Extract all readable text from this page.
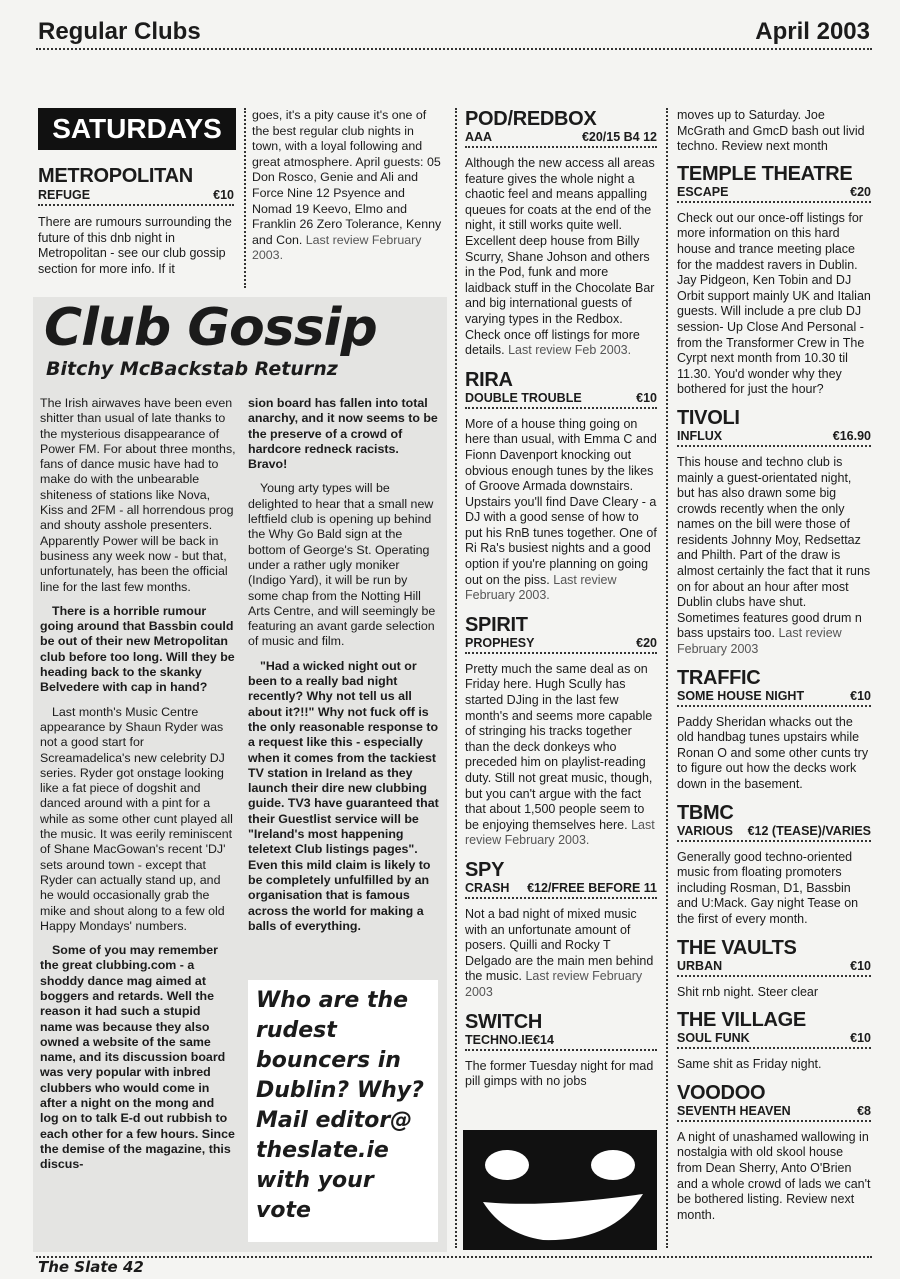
Regular Clubs	April 2003
SATURDAYS
METROPOLITAN
REFUGE	€10
There are rumours surrounding the future of this dnb night in Metropolitan - see our club gossip section for more info. If it
goes, it's a pity cause it's one of the best regular club nights in town, with a loyal following and great atmosphere. April guests: 05 Don Rosco, Genie and Ali and Force Nine 12 Psyence and Nomad 19 Keevo, Elmo and Franklin 26 Zero Tolerance, Kenny and Con. Last review February 2003.
Club Gossip
Bitchy McBackstab Returnz

The Irish airwaves have been even shitter than usual of late thanks to the mysterious disappearance of Power FM. For about three months, fans of dance music have had to make do with the unbearable shiteness of stations like Nova, Kiss and 2FM - all horrendous prog and shouty asshole presenters. Apparently Power will be back in business any week now - but that, unfortunately, has been the official line for the last few months.

There is a horrible rumour going around that Bassbin could be out of their new Metropolitan club before too long. Will they be heading back to the skanky Belvedere with cap in hand?

Last month's Music Centre appearance by Shaun Ryder was not a good start for Screamadelica's new celebrity DJ series. Ryder got onstage looking like a fat piece of dogshit and danced around with a pint for a while as some other cunt played all the music. It was eerily reminiscent of Shane MacGowan's recent 'DJ' sets around town - except that Ryder can actually stand up, and he would occasionally grab the mike and shout along to a few old Happy Mondays' numbers.

Some of you may remember the great clubbing.com - a shoddy dance mag aimed at boggers and retards. Well the reason it had such a stupid name was because they also owned a website of the same name, and its discussion board was very popular with inbred clubbers who would come in after a night on the mong and log on to talk E-d out rubbish to each other for a few hours. Since the demise of the magazine, this discus-

sion board has fallen into total anarchy, and it now seems to be the preserve of a crowd of hardcore redneck racists. Bravo!

Young arty types will be delighted to hear that a small new leftfield club is opening up behind the Why Go Bald sign at the bottom of George's St. Operating under a rather ugly moniker (Indigo Yard), it will be run by some chap from the Notting Hill Arts Centre, and will seemingly be featuring an avant garde selection of music and film.

"Had a wicked night out or been to a really bad night recently? Why not tell us all about it?!!" Why not fuck off is the only reasonable response to a request like this - especially when it comes from the tackiest TV station in Ireland as they launch their dire new clubbing guide. TV3 have guaranteed that their Guestlist service will be "Ireland's most happening teletext Club listings pages". Even this mild claim is likely to be completely unfulfilled by an organisation that is famous across the world for making a balls of everything.

Who are the rudest bouncers in Dublin? Why? Mail editor@ theslate.ie with your vote
POD/REDBOX
AAA	€20/15 B4 12
Although the new access all areas feature gives the whole night a chaotic feel and means appalling queues for coats at the end of the night, it still works quite well. Excellent deep house from Billy Scurry, Shane Johson and others in the Pod, funk and more laidback stuff in the Chocolate Bar and big international guests of varying types in the Redbox. Check once off listings for more details. Last review Feb 2003.
RIRA
DOUBLE TROUBLE	€10
More of a house thing going on here than usual, with Emma C and Fionn Davenport knocking out obvious enough tunes by the likes of Groove Armada downstairs. Upstairs you'll find Dave Cleary - a DJ with a good sense of how to put his RnB tunes together. One of Ri Ra's busiest nights and a good option if you're planning on going out on the piss. Last review February 2003.
SPIRIT
PROPHESY	€20
Pretty much the same deal as on Friday here. Hugh Scully has started DJing in the last few month's and seems more capable of stringing his tracks together than the deck donkeys who preceded him on playlist-reading duty. Still not great music, though, but you can't argue with the fact that about 1,500 people seem to be enjoying themselves here. Last review February 2003.
SPY
CRASH €12/FREE BEFORE 11
Not a bad night of mixed music with an unfortunate amount of posers. Quilli and Rocky T Delgado are the main men behind the music. Last review February 2003
SWITCH
TECHNO.IE €14
The former Tuesday night for mad pill gimps with no jobs
moves up to Saturday. Joe McGrath and GmcD bash out livid techno. Review next month
TEMPLE THEATRE
ESCAPE	€20
Check out our once-off listings for more information on this hard house and trance meeting place for the maddest ravers in Dublin. Jay Pidgeon, Ken Tobin and DJ Orbit support mainly UK and Italian guests. Will include a pre club DJ session- Up Close And Personal - from the Transformer Crew in The Cyrpt next month from 10.30 til 11.30. You'd wonder why they bothered for just the hour?
TIVOLI
INFLUX	€16.90
This house and techno club is mainly a guest-orientated night, but has also drawn some big crowds recently when the only names on the bill were those of residents Johnny Moy, Redsettaz and Philth. Part of the draw is almost certainly the fact that it runs on for about an hour after most Dublin clubs have shut. Sometimes features good drum n bass upstairs too. Last review February 2003
TRAFFIC
SOME HOUSE NIGHT	€10
Paddy Sheridan whacks out the old handbag tunes upstairs while Ronan O and some other cunts try to figure out how the decks work down in the basement.
TBMC
VARIOUS €12 (TEASE)/VARIES
Generally good techno-oriented music from floating promoters including Rosman, D1, Bassbin and U:Mack. Gay night Tease on the first of every month.
THE VAULTS
URBAN	€10
Shit rnb night. Steer clear
THE VILLAGE
SOUL FUNK	€10
Same shit as Friday night.
VOODOO
SEVENTH HEAVEN	€8
A night of unashamed wallowing in nostalgia with old skool house from Dean Sherry, Anto O'Brien and a whole crowd of lads we can't be bothered listing. Review next month.
The Slate 42
